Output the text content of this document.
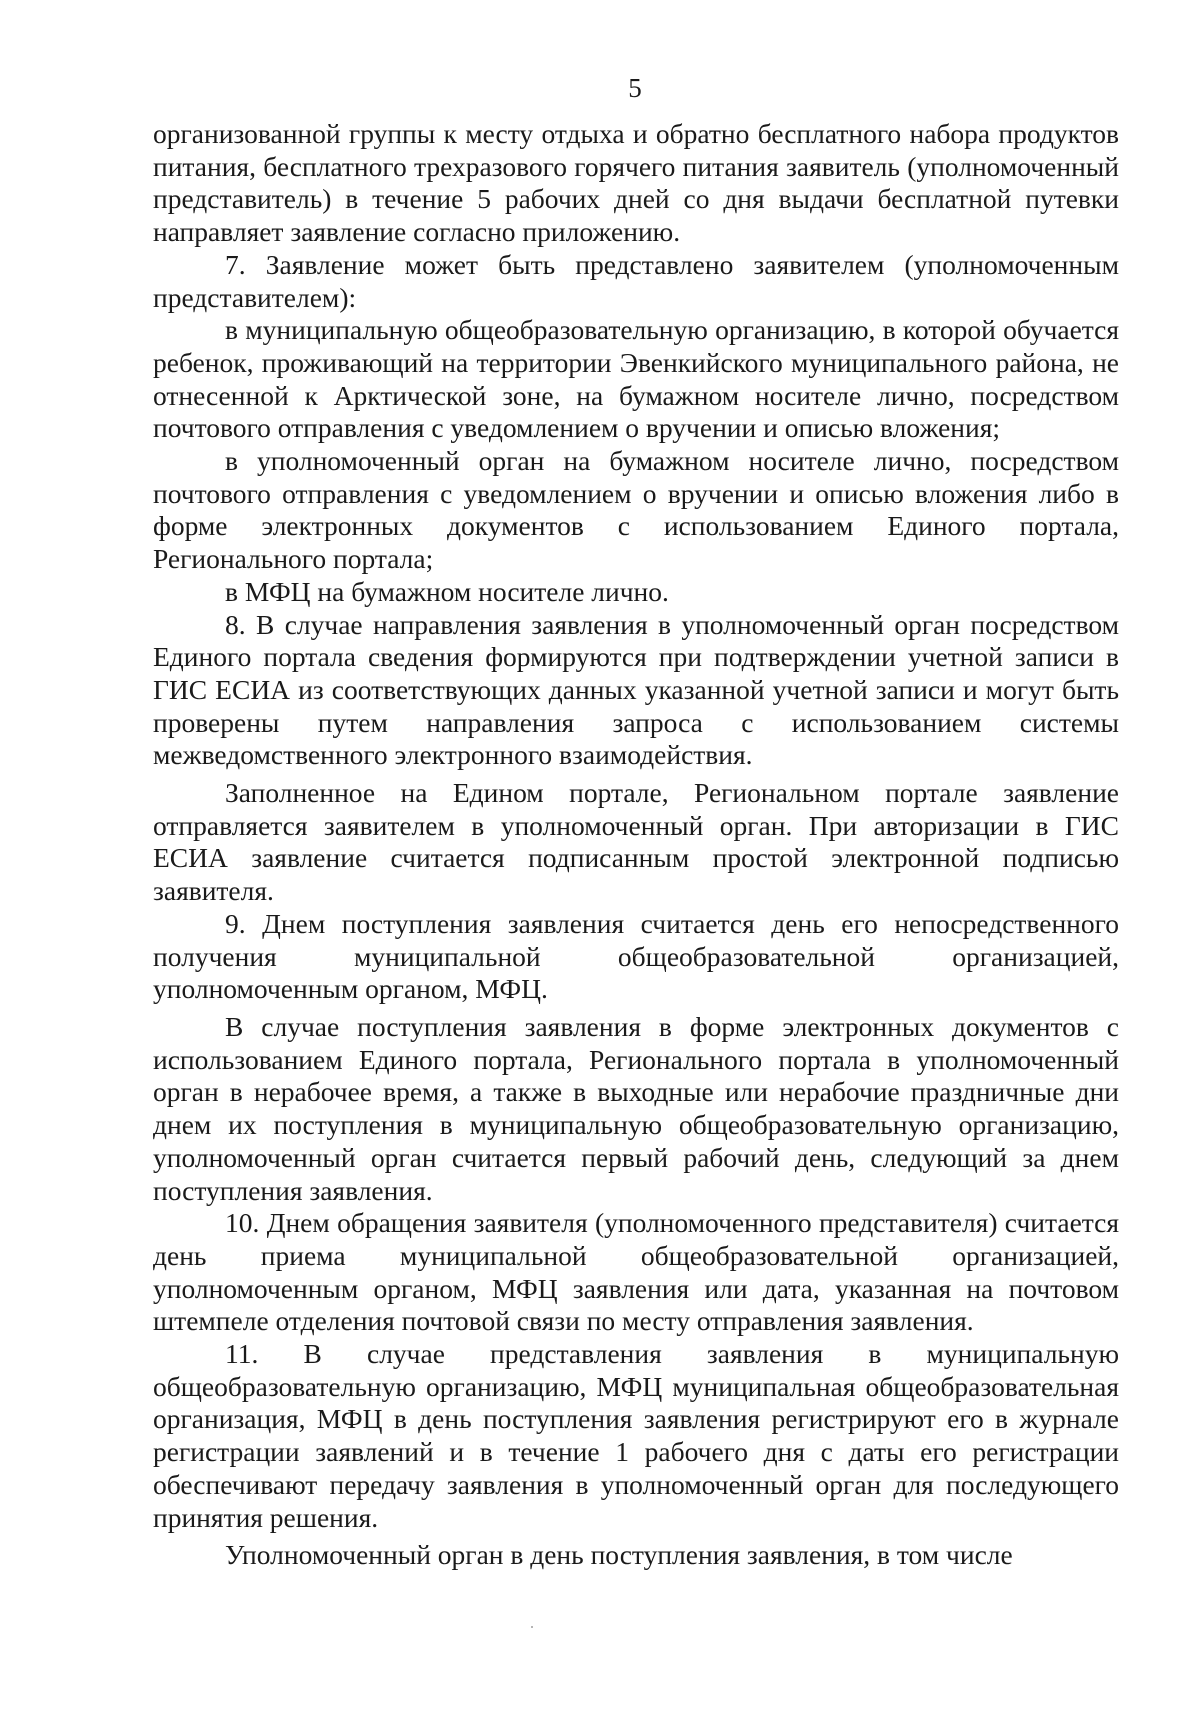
5

организованной группы к месту отдыха и обратно бесплатного набора продуктов питания, бесплатного трехразового горячего питания заявитель (уполномоченный представитель) в течение 5 рабочих дней со дня выдачи бесплатной путевки направляет заявление согласно приложению.

7. Заявление может быть представлено заявителем (уполномоченным представителем):

в муниципальную общеобразовательную организацию, в которой обучается ребенок, проживающий на территории Эвенкийского муниципального района, не отнесенной к Арктической зоне, на бумажном носителе лично, посредством почтового отправления с уведомлением о вручении и описью вложения;

в уполномоченный орган на бумажном носителе лично, посредством почтового отправления с уведомлением о вручении и описью вложения либо в форме электронных документов с использованием Единого портала, Регионального портала;

в МФЦ на бумажном носителе лично.

8. В случае направления заявления в уполномоченный орган посредством Единого портала сведения формируются при подтверждении учетной записи в ГИС ЕСИА из соответствующих данных указанной учетной записи и могут быть проверены путем направления запроса с использованием системы межведомственного электронного взаимодействия.

Заполненное на Едином портале, Региональном портале заявление отправляется заявителем в уполномоченный орган. При авторизации в ГИС ЕСИА заявление считается подписанным простой электронной подписью заявителя.

9. Днем поступления заявления считается день его непосредственного получения муниципальной общеобразовательной организацией, уполномоченным органом, МФЦ.

В случае поступления заявления в форме электронных документов с использованием Единого портала, Регионального портала в уполномоченный орган в нерабочее время, а также в выходные или нерабочие праздничные дни днем их поступления в муниципальную общеобразовательную организацию, уполномоченный орган считается первый рабочий день, следующий за днем поступления заявления.

10. Днем обращения заявителя (уполномоченного представителя) считается день приема муниципальной общеобразовательной организацией, уполномоченным органом, МФЦ заявления или дата, указанная на почтовом штемпеле отделения почтовой связи по месту отправления заявления.

11. В случае представления заявления в муниципальную общеобразовательную организацию, МФЦ муниципальная общеобразовательная организация, МФЦ в день поступления заявления регистрируют его в журнале регистрации заявлений и в течение 1 рабочего дня с даты его регистрации обеспечивают передачу заявления в уполномоченный орган для последующего принятия решения.

Уполномоченный орган в день поступления заявления, в том числе
